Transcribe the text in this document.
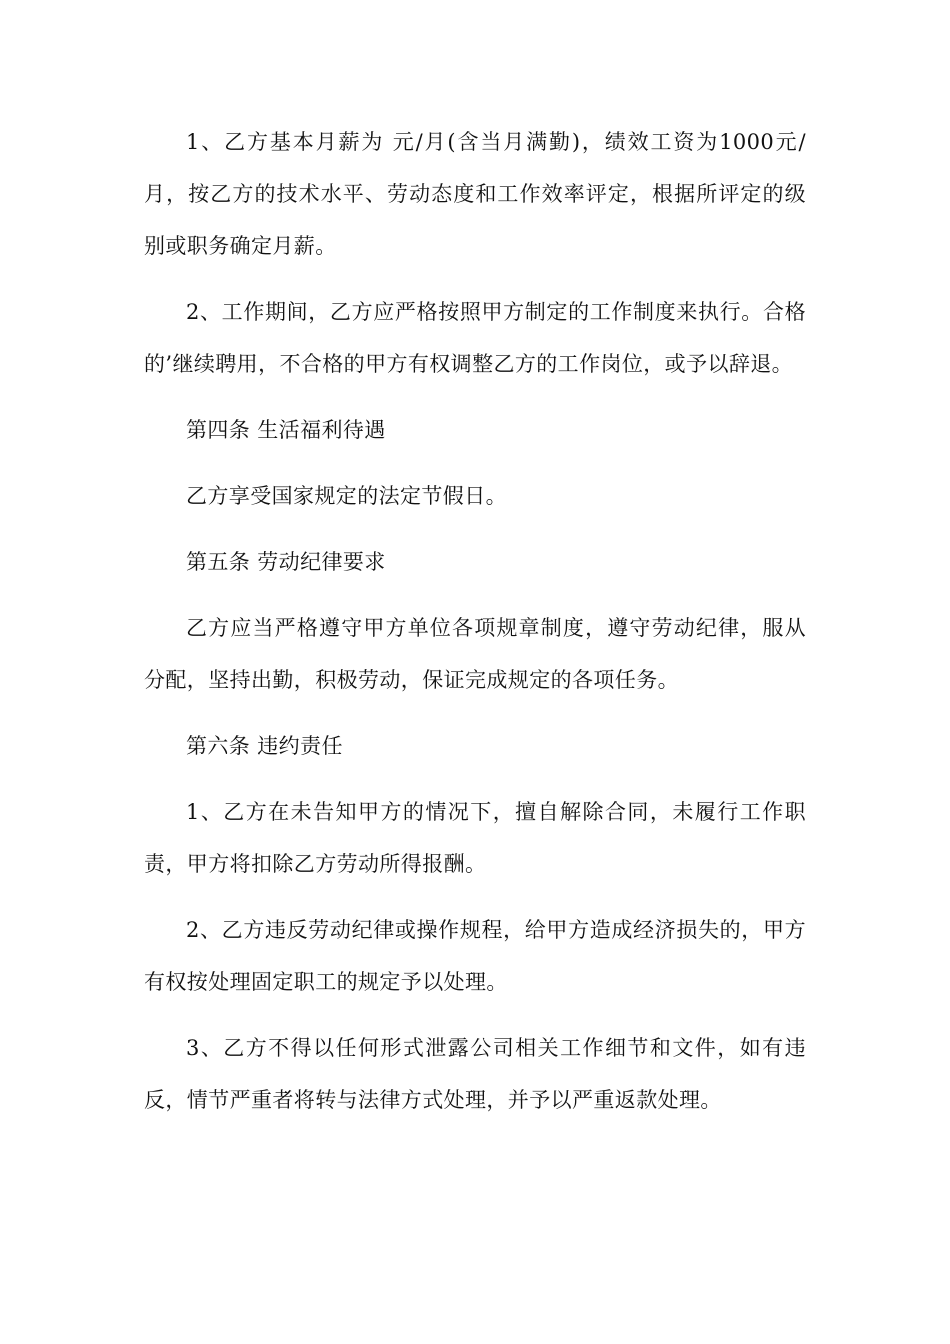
1、乙方基本月薪为 元/月(含当月满勤)，绩效工资为1000元/月，按乙方的技术水平、劳动态度和工作效率评定，根据所评定的级别或职务确定月薪。

2、工作期间，乙方应严格按照甲方制定的工作制度来执行。合格的’继续聘用，不合格的甲方有权调整乙方的工作岗位，或予以辞退。

第四条 生活福利待遇

乙方享受国家规定的法定节假日。

第五条 劳动纪律要求

乙方应当严格遵守甲方单位各项规章制度，遵守劳动纪律，服从分配，坚持出勤，积极劳动，保证完成规定的各项任务。

第六条 违约责任

1、乙方在未告知甲方的情况下，擅自解除合同，未履行工作职责，甲方将扣除乙方劳动所得报酬。

2、乙方违反劳动纪律或操作规程，给甲方造成经济损失的，甲方有权按处理固定职工的规定予以处理。

3、乙方不得以任何形式泄露公司相关工作细节和文件，如有违反，情节严重者将转与法律方式处理，并予以严重返款处理。
